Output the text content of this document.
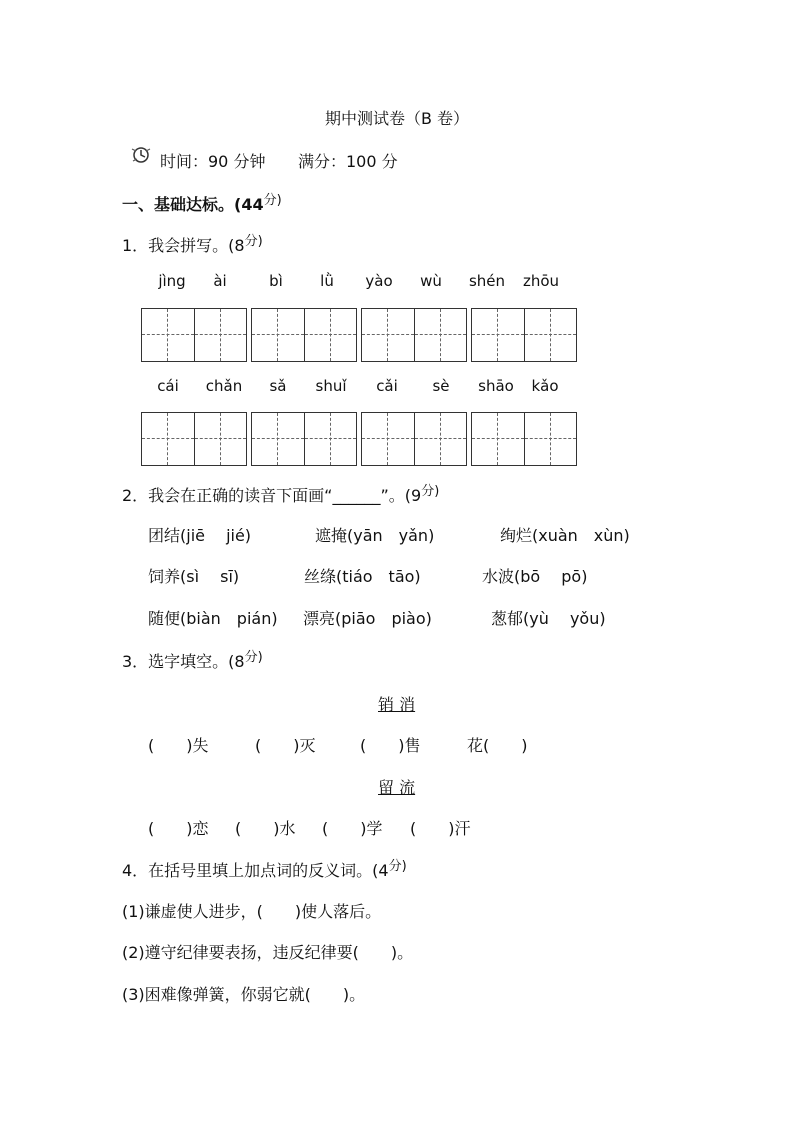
期中测试卷（B 卷）
时间：90 分钟 满分：100 分
一、基础达标。($44^{分)}$
1．我会拼写。($8^{分)}$
jìng	ài	bì	lǜ	yào	wù	shén	zhōu
cái	chǎn	sǎ	shuǐ	cǎi	sè	shāo	kǎo
2．我会在正确的读音下面画“______”。($9^{分)}$
团结(jiē　 jié)	遮掩(yān　yǎn)	绚烂(xuàn　xùn)
饲养(sì　 sī)	丝绦(tiáo　tāo)	水波(bō　 pō)
随便(biàn　pián) 漂亮(piāo　piào)	葱郁(yù　 yǒu)
3．选字填空。($8^{分)}$
销 消
(　　)失	(　　)灭	(　　)售	花(　　)
留 流
(　　)恋 (　　)水 (　　)学 (　　)汗
4．在括号里填上加点词的反义词。($4^{分)}$
(1)谦虚使人进步，(　　)使人落后。
(2)遵守纪律要表扬，违反纪律要(　　)。
(3)困难像弹簧，你弱它就(　　)。
